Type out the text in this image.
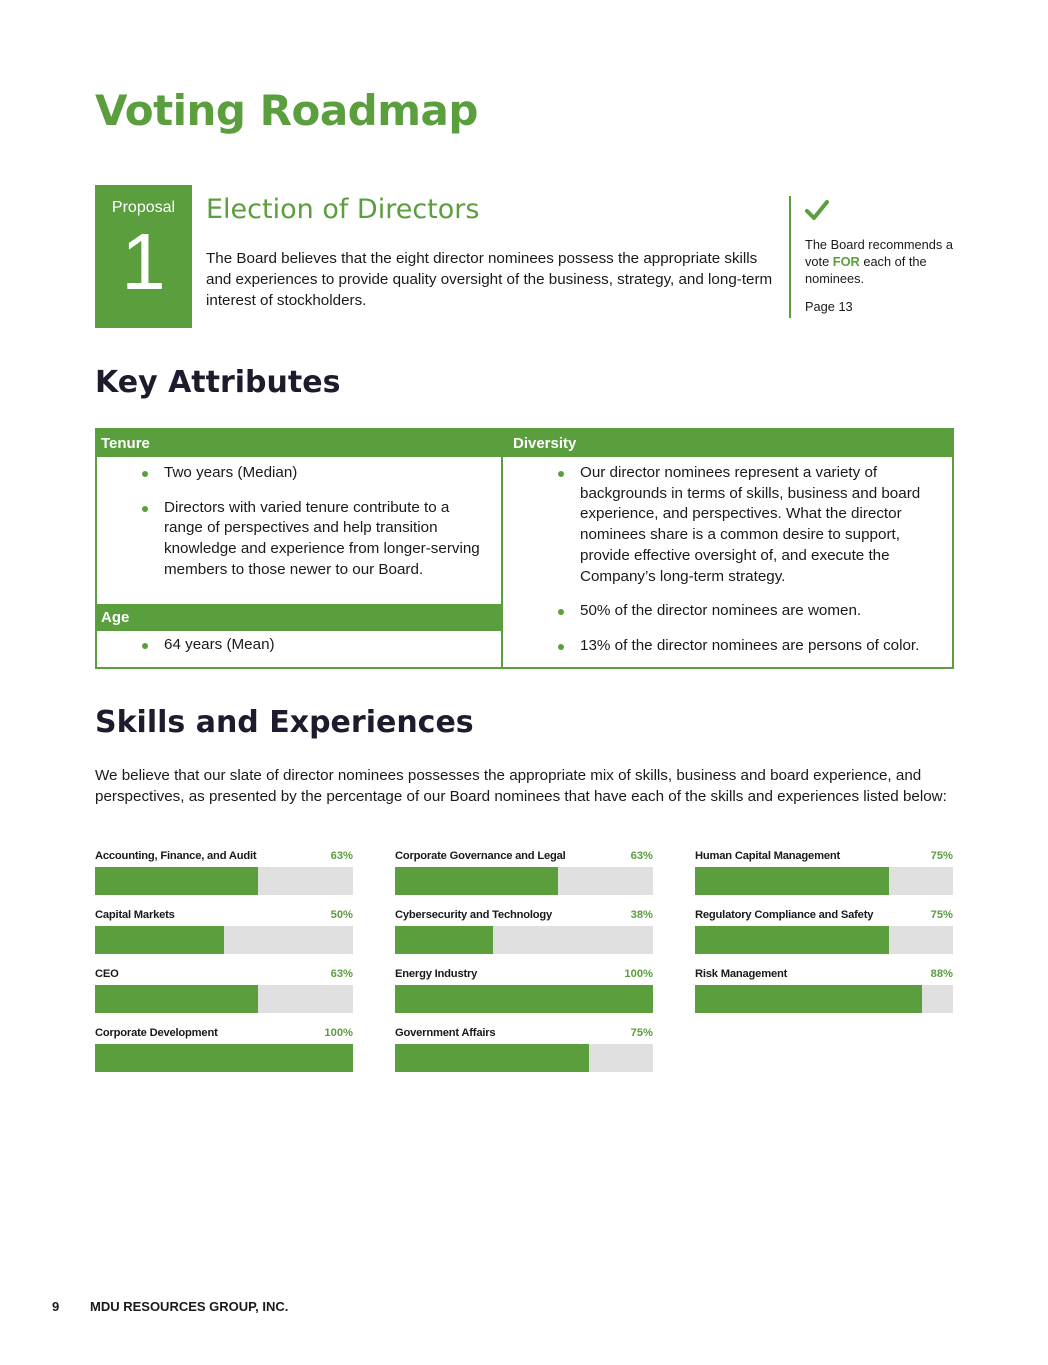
Voting Roadmap
Proposal
1
Election of Directors

The Board believes that the eight director nominees possess the appropriate skills and experiences to provide quality oversight of the business, strategy, and long-term interest of stockholders.

The Board recommends a vote FOR each of the nominees.

Page 13
Key Attributes
Tenure
Two years (Median)
Directors with varied tenure contribute to a range of perspectives and help transition knowledge and experience from longer-serving members to those newer to our Board.
Age
64 years (Mean)
Diversity
Our director nominees represent a variety of backgrounds in terms of skills, business and board experience, and perspectives. What the director nominees share is a common desire to support, provide effective oversight of, and execute the Company’s long-term strategy.
50% of the director nominees are women.
13% of the director nominees are persons of color.
Skills and Experiences

We believe that our slate of director nominees possesses the appropriate mix of skills, business and board experience, and perspectives, as presented by the percentage of our Board nominees that have each of the skills and experiences listed below:

Accounting, Finance, and Audit	63%
Capital Markets	50%
CEO	63%
Corporate Development	100%
Corporate Governance and Legal	63%
Cybersecurity and Technology	38%
Energy Industry	100%
Government Affairs	75%
Human Capital Management	75%
Regulatory Compliance and Safety	75%
Risk Management	88%
9 MDU RESOURCES GROUP, INC.
